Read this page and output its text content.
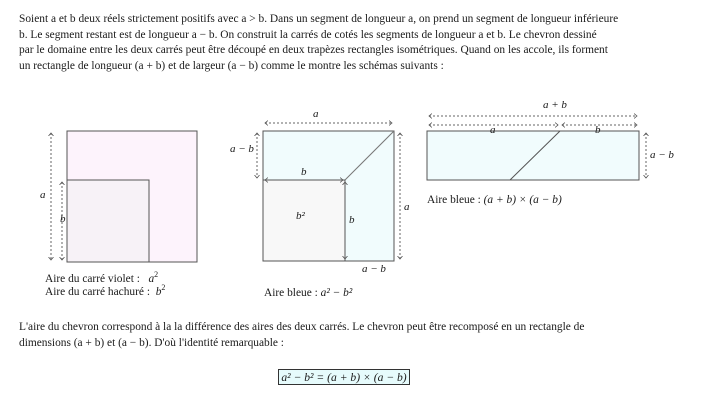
Soient a et b deux réels strictement positifs avec a > b. Dans un segment de longueur a, on prend un segment de longueur inférieure

b. Le segment restant est de longueur a − b. On construit la carrés de cotés les segments de longueur a et b. Le chevron dessiné

par le domaine entre les deux carrés peut être découpé en deux trapèzes rectangles isométriques. Quand on les accole, ils forment

un rectangle de longueur (a + b) et de largeur (a − b) comme le montre les schémas suivants :

a
b
a
a − b
b
b²	b
a
a − b
a + b
a	b
a − b
Aire du carré violet : $a^2$
Aire du carré hachuré : $b^2$	Aire bleue : a² − b²
Aire bleue : (a + b) × (a − b)

L'aire du chevron correspond à la la différence des aires des deux carrés. Le chevron peut être recomposé en un rectangle de

dimensions (a + b) et (a − b). D'où l'identité remarquable :

a² − b² = (a + b) × (a − b)
